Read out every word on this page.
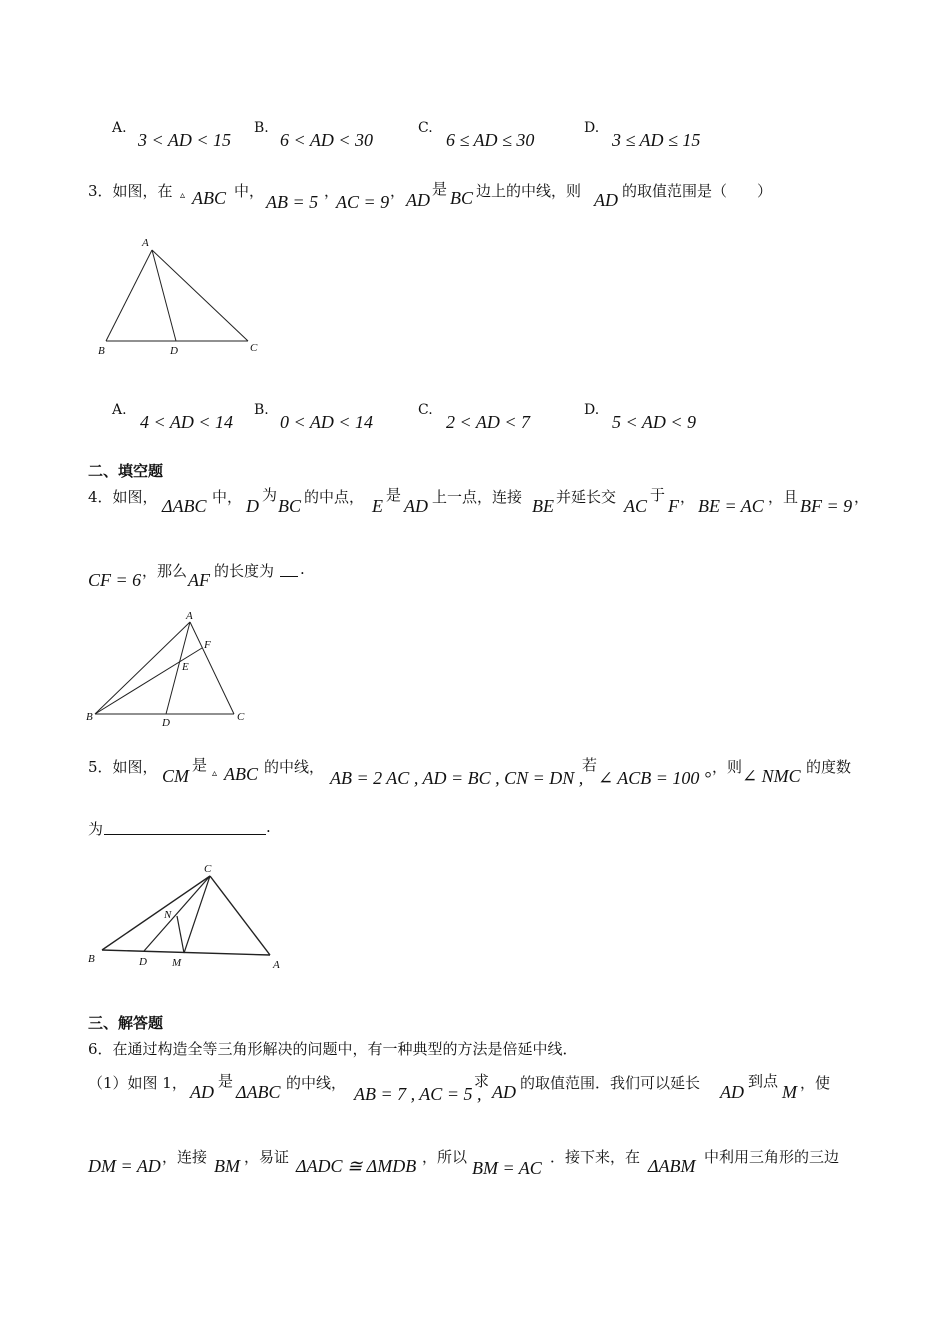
A.
3 < AD < 15
B.
6 < AD < 30
C.
6 ≤ AD ≤ 30
D.
3 ≤ AD ≤ 15
3．如图，在 ▵ ABC 中，
AB = 5
，
AC = 9
， AD
是 BC 边上的中线，则 AD 的取值范围是（　　）
A
B	D	C
A.
4 < AD < 14
B.
0 < AD < 14
C.
2 < AD < 7
D.
5 < AD < 9
二、填空题
4．如图， ΔABC 中， D
为
BC 的中点， E
是
AD 上一点，连接 BE 并延长交 AC
于
F ， BE = AC ，且 BF = 9 ，
CF = 6 ，那么 AF 的长度为 .
A
F
E
B	D	C
5．如图， CM
是 ▵ ABC 的中线，
AB = 2 AC , AD = BC , CN = DN ,
若
∠ ACB = 100 °
，则 ∠ NMC 的度数
为	.
C
N
B	D M	A
三、解答题
6．在通过构造全等三角形解决的问题中，有一种典型的方法是倍延中线．
（1）如图 1， AD
是
ΔABC 的中线，
AB = 7 , AC = 5 ,
求
AD 的取值范围．我们可以延长 AD
到点
M ，使
DM = AD ，连接 BM ，易证 ΔADC ≅ ΔMDB ，所以
BM = AC
．接下来，在 ΔABM 中利用三角形的三边
